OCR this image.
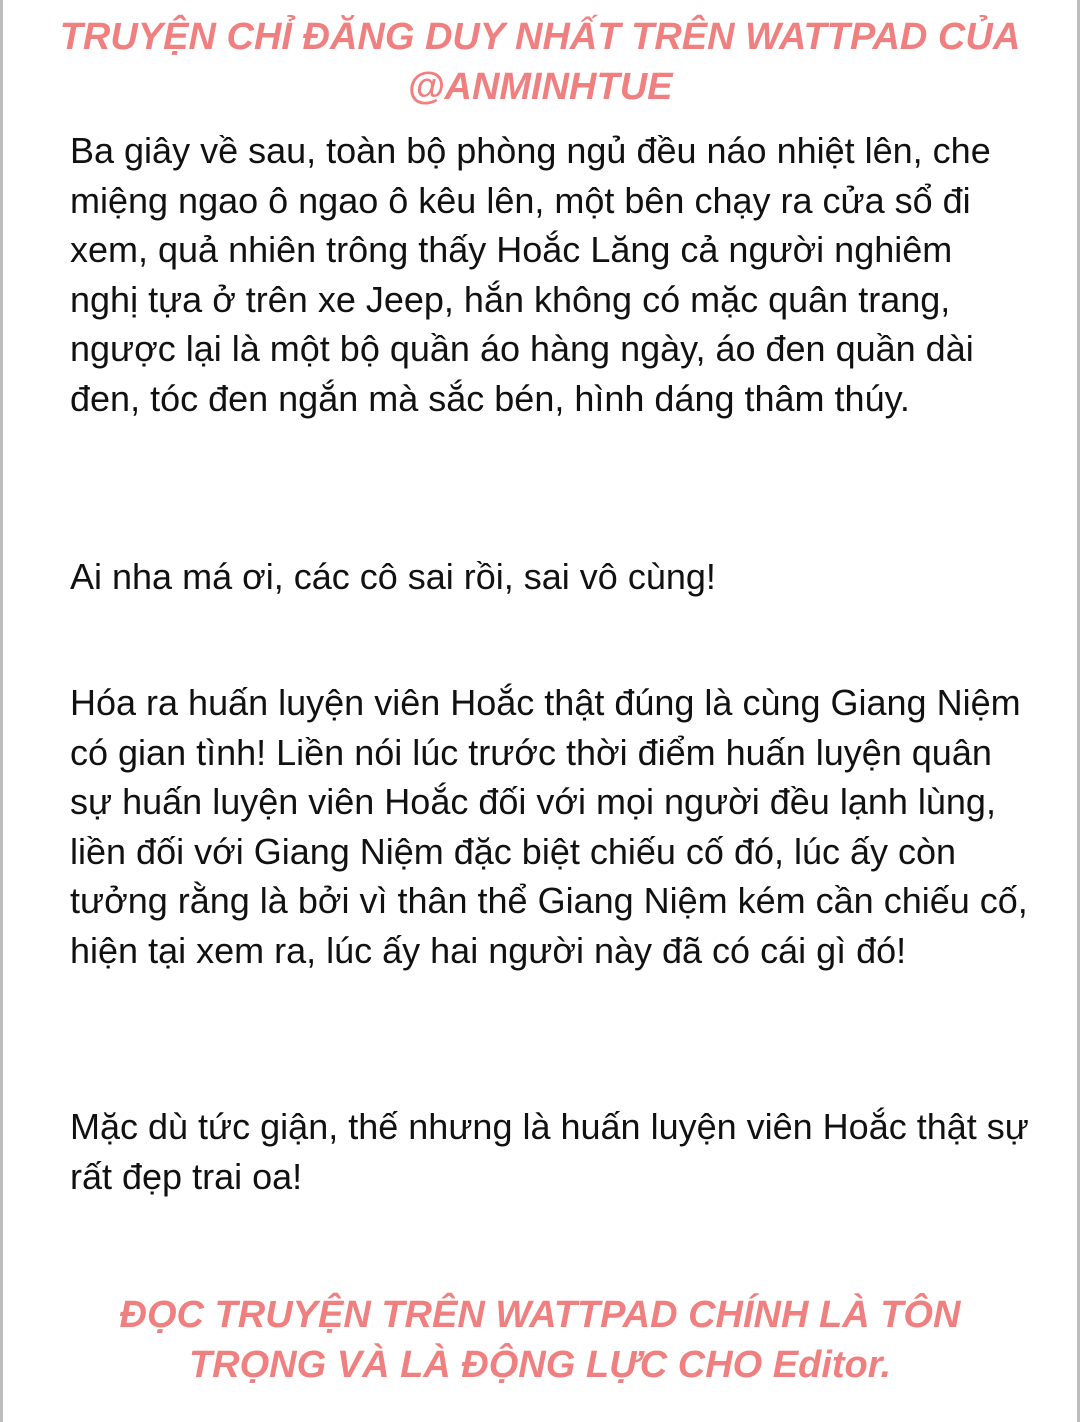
TRUYỆN CHỈ ĐĂNG DUY NHẤT TRÊN WATTPAD CỦA @ANMINHTUE

Ba giây về sau, toàn bộ phòng ngủ đều náo nhiệt lên, che miệng ngao ô ngao ô kêu lên, một bên chạy ra cửa sổ đi xem, quả nhiên trông thấy Hoắc Lăng cả người nghiêm nghị tựa ở trên xe Jeep, hắn không có mặc quân trang, ngược lại là một bộ quần áo hàng ngày, áo đen quần dài đen, tóc đen ngắn mà sắc bén, hình dáng thâm thúy.

Ai nha má ơi, các cô sai rồi, sai vô cùng!

Hóa ra huấn luyện viên Hoắc thật đúng là cùng Giang Niệm có gian tình! Liền nói lúc trước thời điểm huấn luyện quân sự huấn luyện viên Hoắc đối với mọi người đều lạnh lùng, liền đối với Giang Niệm đặc biệt chiếu cố đó, lúc ấy còn tưởng rằng là bởi vì thân thể Giang Niệm kém cần chiếu cố, hiện tại xem ra, lúc ấy hai người này đã có cái gì đó!

Mặc dù tức giận, thế nhưng là huấn luyện viên Hoắc thật sự rất đẹp trai oa!

ĐỌC TRUYỆN TRÊN WATTPAD CHÍNH LÀ TÔN TRỌNG VÀ LÀ ĐỘNG LỰC CHO Editor.
